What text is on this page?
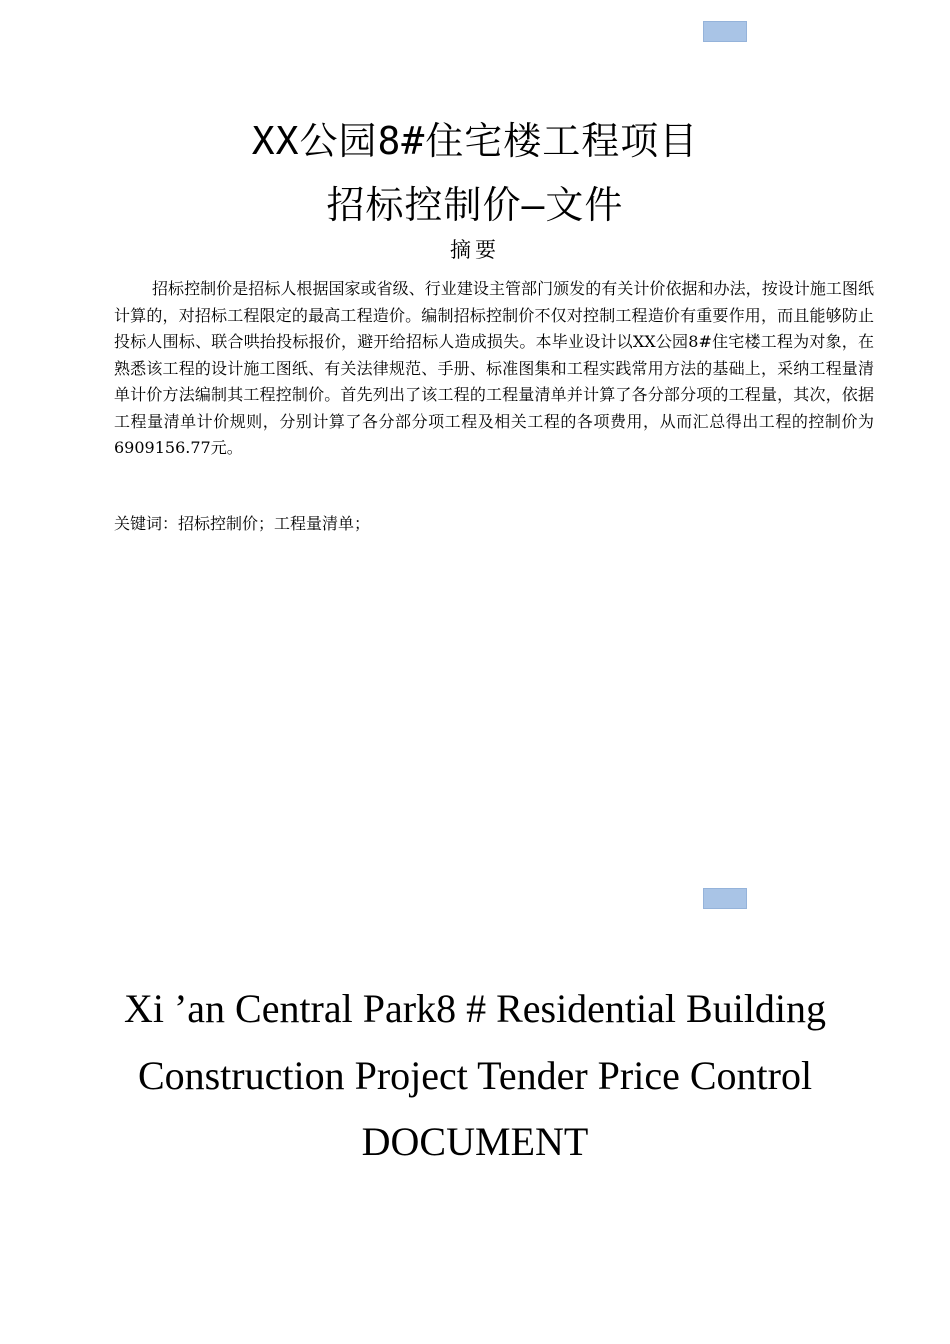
XX公园8#住宅楼工程项目
招标控制价—文件
摘要

招标控制价是招标人根据国家或省级、行业建设主管部门颁发的有关计价依据和办法，按设计施工图纸计算的，对招标工程限定的最高工程造价。编制招标控制价不仅对控制工程造价有重要作用，而且能够防止投标人围标、联合哄抬投标报价，避开给招标人造成损失。本毕业设计以XX公园8#住宅楼工程为对象，在熟悉该工程的设计施工图纸、有关法律规范、手册、标准图集和工程实践常用方法的基础上，采纳工程量清单计价方法编制其工程控制价。首先列出了该工程的工程量清单并计算了各分部分项的工程量，其次，依据工程量清单计价规则，分别计算了各分部分项工程及相关工程的各项费用，从而汇总得出工程的控制价为6909156.77元。

关键词：招标控制价；工程量清单；
Xi ’an Central Park8 # Residential Building
Construction Project Tender Price Control
DOCUMENT
